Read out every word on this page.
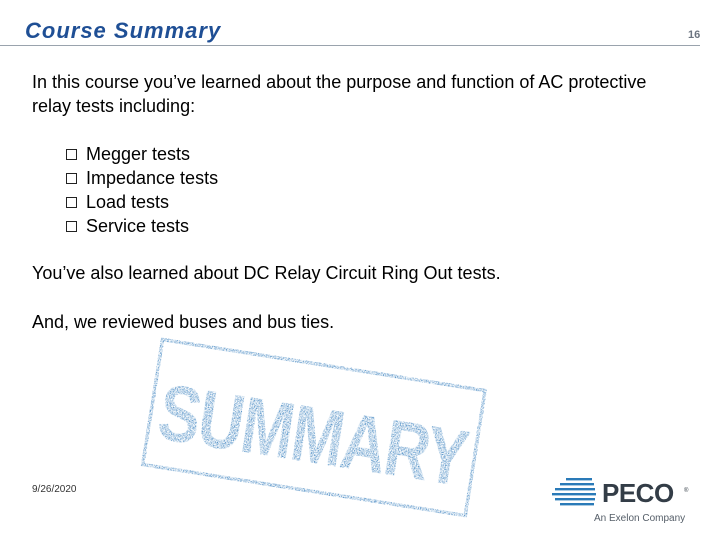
Course Summary	16
In this course you’ve learned about the purpose and function of AC protective relay tests including:
Megger tests
Impedance tests
Load tests
Service tests
You’ve also learned about DC Relay Circuit Ring Out tests.
And, we reviewed buses and bus ties.
SUMMARY
9/26/2020	PECO ®
An Exelon Company
